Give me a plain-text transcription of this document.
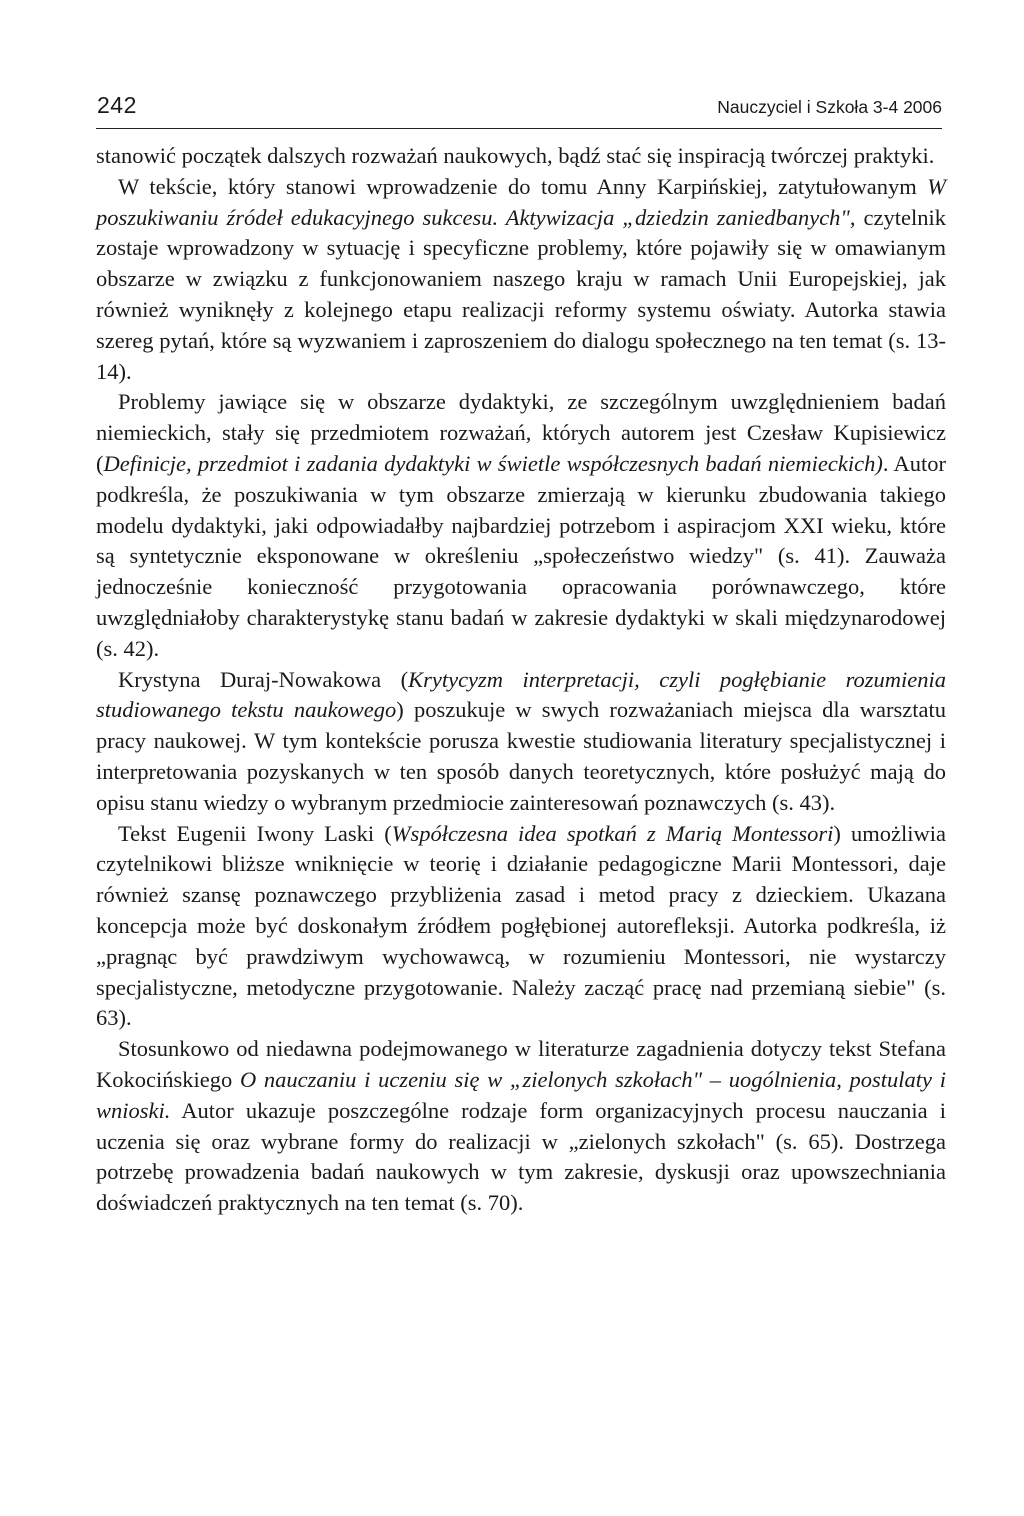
242	Nauczyciel i Szkoła 3-4 2006

stanowić początek dalszych rozważań naukowych, bądź stać się inspiracją twórczej praktyki.

W tekście, który stanowi wprowadzenie do tomu Anny Karpińskiej, zatytułowanym W poszukiwaniu źródeł edukacyjnego sukcesu. Aktywizacja „dziedzin zaniedbanych", czytelnik zostaje wprowadzony w sytuację i specyficzne problemy, które pojawiły się w omawianym obszarze w związku z funkcjonowaniem naszego kraju w ramach Unii Europejskiej, jak również wyniknęły z kolejnego etapu realizacji reformy systemu oświaty. Autorka stawia szereg pytań, które są wyzwaniem i zaproszeniem do dialogu społecznego na ten temat (s. 13-14).

Problemy jawiące się w obszarze dydaktyki, ze szczególnym uwzględnieniem badań niemieckich, stały się przedmiotem rozważań, których autorem jest Czesław Kupisiewicz (Definicje, przedmiot i zadania dydaktyki w świetle współczesnych badań niemieckich). Autor podkreśla, że poszukiwania w tym obszarze zmierzają w kierunku zbudowania takiego modelu dydaktyki, jaki odpowiadałby najbardziej potrzebom i aspiracjom XXI wieku, które są syntetycznie eksponowane w określeniu „społeczeństwo wiedzy" (s. 41). Zauważa jednocześnie konieczność przygotowania opracowania porównawczego, które uwzględniałoby charakterystykę stanu badań w zakresie dydaktyki w skali międzynarodowej (s. 42).

Krystyna Duraj-Nowakowa (Krytycyzm interpretacji, czyli pogłębianie rozumienia studiowanego tekstu naukowego) poszukuje w swych rozważaniach miejsca dla warsztatu pracy naukowej. W tym kontekście porusza kwestie studiowania literatury specjalistycznej i interpretowania pozyskanych w ten sposób danych teoretycznych, które posłużyć mają do opisu stanu wiedzy o wybranym przedmiocie zainteresowań poznawczych (s. 43).

Tekst Eugenii Iwony Laski (Współczesna idea spotkań z Marią Montessori) umożliwia czytelnikowi bliższe wniknięcie w teorię i działanie pedagogiczne Marii Montessori, daje również szansę poznawczego przybliżenia zasad i metod pracy z dzieckiem. Ukazana koncepcja może być doskonałym źródłem pogłębionej autorefleksji. Autorka podkreśla, iż „pragnąc być prawdziwym wychowawcą, w rozumieniu Montessori, nie wystarczy specjalistyczne, metodyczne przygotowanie. Należy zacząć pracę nad przemianą siebie" (s. 63).

Stosunkowo od niedawna podejmowanego w literaturze zagadnienia dotyczy tekst Stefana Kokocińskiego O nauczaniu i uczeniu się w „zielonych szkołach" – uogólnienia, postulaty i wnioski. Autor ukazuje poszczególne rodzaje form organizacyjnych procesu nauczania i uczenia się oraz wybrane formy do realizacji w „zielonych szkołach" (s. 65). Dostrzega potrzebę prowadzenia badań naukowych w tym zakresie, dyskusji oraz upowszechniania doświadczeń praktycznych na ten temat (s. 70).
